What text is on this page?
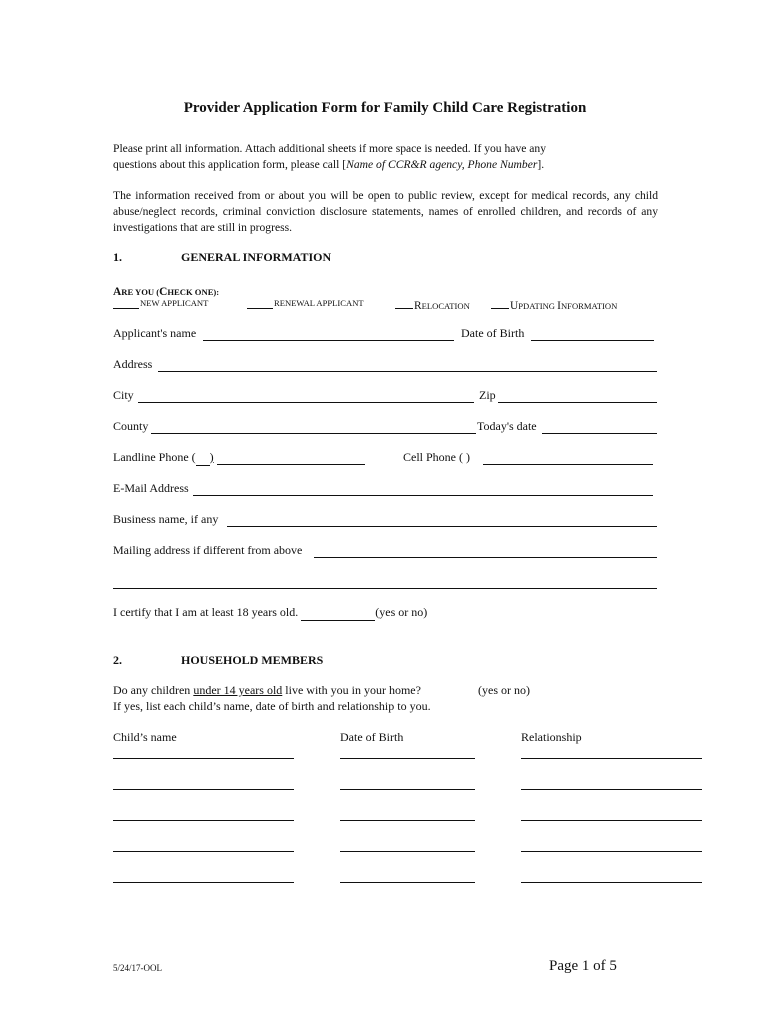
Provider Application Form for Family Child Care Registration
Please print all information. Attach additional sheets if more space is needed. If you have any
questions about this application form, please call [Name of CCR&R agency, Phone Number].
The information received from or about you will be open to public review, except for medical records, any child abuse/neglect records, criminal conviction disclosure statements, names of enrolled children, and records of any investigations that are still in progress.
1.	GENERAL INFORMATION
ARE YOU (CHECK ONE):
NEW APPLICANT	RENEWAL APPLICANT	RELOCATION	UPDATING INFORMATION
Applicant's name	Date of Birth
Address
City	Zip
County	Today's date
Landline Phone ( )	Cell Phone ( )
E-Mail Address
Business name, if any
Mailing address if different from above
I certify that I am at least 18 years old.	(yes or no)
2.	HOUSEHOLD MEMBERS
Do any children under 14 years old live with you in your home?	(yes or no)
If yes, list each child’s name, date of birth and relationship to you.
Child’s name	Date of Birth	Relationship
5/24/17-OOL	Page 1 of 5
